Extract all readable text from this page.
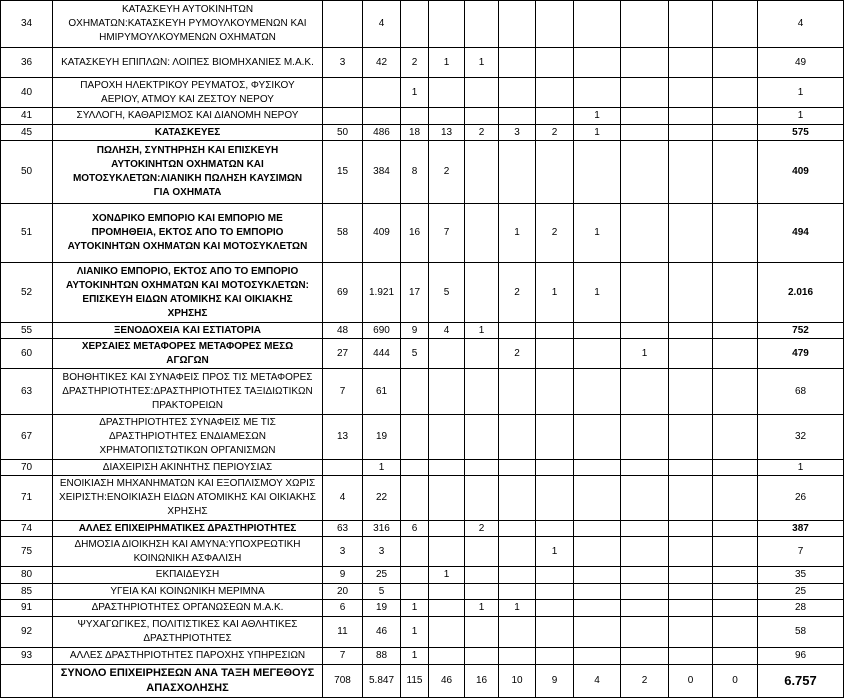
34	ΚΑΤΑΣΚΕΥΗ ΑΥΤΟΚΙΝΗΤΩΝ
ΟΧΗΜΑΤΩΝ:ΚΑΤΑΣΚΕΥΗ ΡΥΜΟΥΛΚΟΥΜΕΝΩΝ ΚΑΙ
ΗΜΙΡΥΜΟΥΛΚΟΥΜΕΝΩΝ ΟΧΗΜΑΤΩΝ		4										4
36	ΚΑΤΑΣΚΕΥΗ ΕΠΙΠΛΩΝ: ΛΟΙΠΕΣ ΒΙΟΜΗΧΑΝΙΕΣ Μ.Α.Κ.	3	42	2	1	1							49
40	ΠΑΡΟΧΗ ΗΛΕΚΤΡΙΚΟΥ ΡΕΥΜΑΤΟΣ, ΦΥΣΙΚΟΥ
ΑΕΡΙΟΥ, ΑΤΜΟΥ ΚΑΙ ΖΕΣΤΟΥ ΝΕΡΟΥ			1									1
41	ΣΥΛΛΟΓΗ, ΚΑΘΑΡΙΣΜΟΣ ΚΑΙ ΔΙΑΝΟΜΗ ΝΕΡΟΥ								1				1
45	ΚΑΤΑΣΚΕΥΕΣ	50	486	18	13	2	3	2	1				575
50	ΠΩΛΗΣΗ, ΣΥΝΤΗΡΗΣΗ ΚΑΙ ΕΠΙΣΚΕΥΗ
ΑΥΤΟΚΙΝΗΤΩΝ ΟΧΗΜΑΤΩΝ ΚΑΙ
ΜΟΤΟΣΥΚΛΕΤΩΝ:ΛΙΑΝΙΚΗ ΠΩΛΗΣΗ ΚΑΥΣΙΜΩΝ
ΓΙΑ ΟΧΗΜΑΤΑ	15	384	8	2								409
51	ΧΟΝΔΡΙΚΟ ΕΜΠΟΡΙΟ ΚΑΙ ΕΜΠΟΡΙΟ ΜΕ
ΠΡΟΜΗΘΕΙΑ, ΕΚΤΟΣ ΑΠΟ ΤΟ ΕΜΠΟΡΙΟ
ΑΥΤΟΚΙΝΗΤΩΝ ΟΧΗΜΑΤΩΝ ΚΑΙ ΜΟΤΟΣΥΚΛΕΤΩΝ	58	409	16	7		1	2	1				494
52	ΛΙΑΝΙΚΟ ΕΜΠΟΡΙΟ, ΕΚΤΟΣ ΑΠΟ ΤΟ ΕΜΠΟΡΙΟ
ΑΥΤΟΚΙΝΗΤΩΝ ΟΧΗΜΑΤΩΝ ΚΑΙ ΜΟΤΟΣΥΚΛΕΤΩΝ:
ΕΠΙΣΚΕΥΗ ΕΙΔΩΝ ΑΤΟΜΙΚΗΣ ΚΑΙ ΟΙΚΙΑΚΗΣ
ΧΡΗΣΗΣ	69	1.921	17	5		2	1	1				2.016
55	ΞΕΝΟΔΟΧΕΙΑ ΚΑΙ ΕΣΤΙΑΤΟΡΙΑ	48	690	9	4	1							752
60	ΧΕΡΣΑΙΕΣ ΜΕΤΑΦΟΡΕΣ ΜΕΤΑΦΟΡΕΣ ΜΕΣΩ
ΑΓΩΓΩΝ	27	444	5			2			1			479
63	ΒΟΗΘΗΤΙΚΕΣ ΚΑΙ ΣΥΝΑΦΕΙΣ ΠΡΟΣ ΤΙΣ ΜΕΤΑΦΟΡΕΣ
ΔΡΑΣΤΗΡΙΟΤΗΤΕΣ:ΔΡΑΣΤΗΡΙΟΤΗΤΕΣ ΤΑΞΙΔΙΩΤΙΚΩΝ
ΠΡΑΚΤΟΡΕΙΩΝ	7	61										68
67	ΔΡΑΣΤΗΡΙΟΤΗΤΕΣ ΣΥΝΑΦΕΙΣ ΜΕ ΤΙΣ
ΔΡΑΣΤΗΡΙΟΤΗΤΕΣ ΕΝΔΙΑΜΕΣΩΝ
ΧΡΗΜΑΤΟΠΙΣΤΩΤΙΚΩΝ ΟΡΓΑΝΙΣΜΩΝ	13	19										32
70	ΔΙΑΧΕΙΡΙΣΗ ΑΚΙΝΗΤΗΣ ΠΕΡΙΟΥΣΙΑΣ		1										1
71	ΕΝΟΙΚΙΑΣΗ ΜΗΧΑΝΗΜΑΤΩΝ ΚΑΙ ΕΞΟΠΛΙΣΜΟΥ ΧΩΡΙΣ
ΧΕΙΡΙΣΤΗ:ΕΝΟΙΚΙΑΣΗ ΕΙΔΩΝ ΑΤΟΜΙΚΗΣ ΚΑΙ ΟΙΚΙΑΚΗΣ
ΧΡΗΣΗΣ	4	22										26
74	ΑΛΛΕΣ ΕΠΙΧΕΙΡΗΜΑΤΙΚΕΣ ΔΡΑΣΤΗΡΙΟΤΗΤΕΣ	63	316	6		2							387
75	ΔΗΜΟΣΙΑ ΔΙΟΙΚΗΣΗ ΚΑΙ ΑΜΥΝΑ:ΥΠΟΧΡΕΩΤΙΚΗ
ΚΟΙΝΩΝΙΚΗ ΑΣΦΑΛΙΣΗ	3	3					1					7
80	ΕΚΠΑΙΔΕΥΣΗ	9	25		1								35
85	ΥΓΕΙΑ ΚΑΙ ΚΟΙΝΩΝΙΚΗ ΜΕΡΙΜΝΑ	20	5										25
91	ΔΡΑΣΤΗΡΙΟΤΗΤΕΣ ΟΡΓΑΝΩΣΕΩΝ Μ.Α.Κ.	6	19	1		1	1						28
92	ΨΥΧΑΓΩΓΙΚΕΣ, ΠΟΛΙΤΙΣΤΙΚΕΣ ΚΑΙ ΑΘΛΗΤΙΚΕΣ
ΔΡΑΣΤΗΡΙΟΤΗΤΕΣ	11	46	1									58
93	ΑΛΛΕΣ ΔΡΑΣΤΗΡΙΟΤΗΤΕΣ ΠΑΡΟΧΗΣ ΥΠΗΡΕΣΙΩΝ	7	88	1									96

	ΣΥΝΟΛΟ ΕΠΙΧΕΙΡΗΣΕΩΝ ΑΝΑ ΤΑΞΗ ΜΕΓΕΘΟΥΣ
ΑΠΑΣΧΟΛΗΣΗΣ	708	5.847	115	46	16	10	9	4	2	0	0	6.757
